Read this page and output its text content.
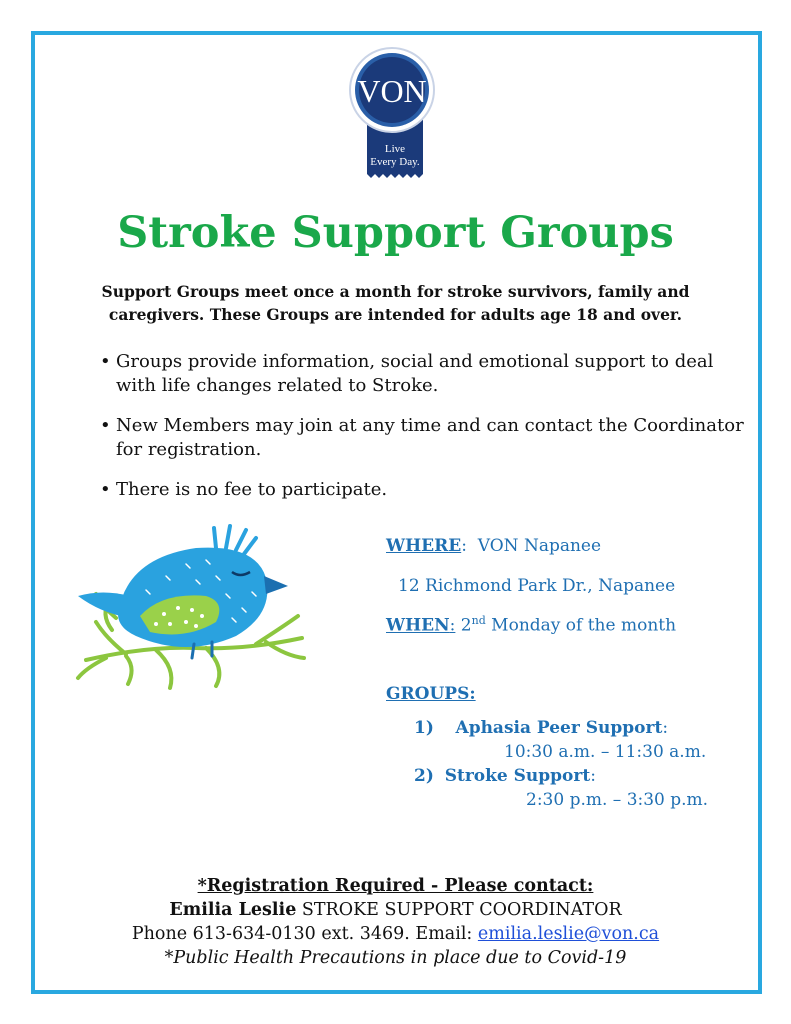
VON
Live
Every Day.
Stroke Support Groups
Support Groups meet once a month for stroke survivors, family and caregivers. These Groups are intended for adults age 18 and over.
• Groups provide information, social and emotional support to deal with life changes related to Stroke.
• New Members may join at any time and can contact the Coordinator for registration.
• There is no fee to participate.
WHERE: VON Napanee
12 Richmond Park Dr., Napanee
WHEN: 2nd Monday of the month
GROUPS:
1) Aphasia Peer Support:
10:30 a.m. – 11:30 a.m.
2) Stroke Support:
2:30 p.m. – 3:30 p.m.
*Registration Required - Please contact:
Emilia Leslie STROKE SUPPORT COORDINATOR
Phone 613-634-0130 ext. 3469. Email: emilia.leslie@von.ca
*Public Health Precautions in place due to Covid-19
